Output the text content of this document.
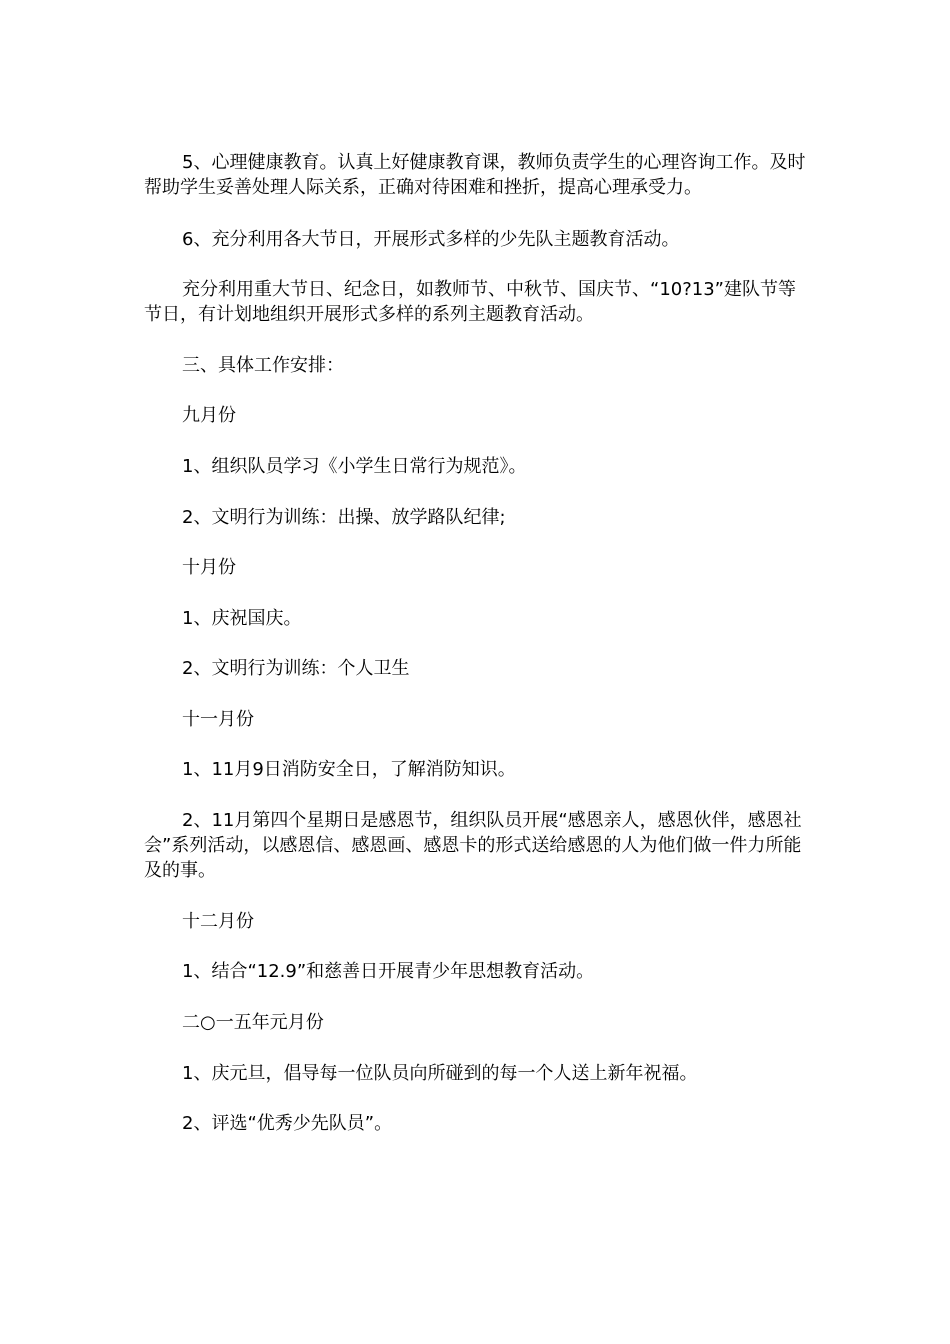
5、心理健康教育。认真上好健康教育课，教师负责学生的心理咨询工作。及时帮助学生妥善处理人际关系，正确对待困难和挫折，提高心理承受力。

6、充分利用各大节日，开展形式多样的少先队主题教育活动。

充分利用重大节日、纪念日，如教师节、中秋节、国庆节、“10?13”建队节等节日，有计划地组织开展形式多样的系列主题教育活动。

三、具体工作安排：

九月份

1、组织队员学习《小学生日常行为规范》。

2、文明行为训练：出操、放学路队纪律;

十月份

1、庆祝国庆。

2、文明行为训练：个人卫生

十一月份

1、11月9日消防安全日，了解消防知识。

2、11月第四个星期日是感恩节，组织队员开展“感恩亲人，感恩伙伴，感恩社会”系列活动，以感恩信、感恩画、感恩卡的形式送给感恩的人为他们做一件力所能及的事。

十二月份

1、结合“12.9”和慈善日开展青少年思想教育活动。

二○一五年元月份

1、庆元旦，倡导每一位队员向所碰到的每一个人送上新年祝福。

2、评选“优秀少先队员”。
